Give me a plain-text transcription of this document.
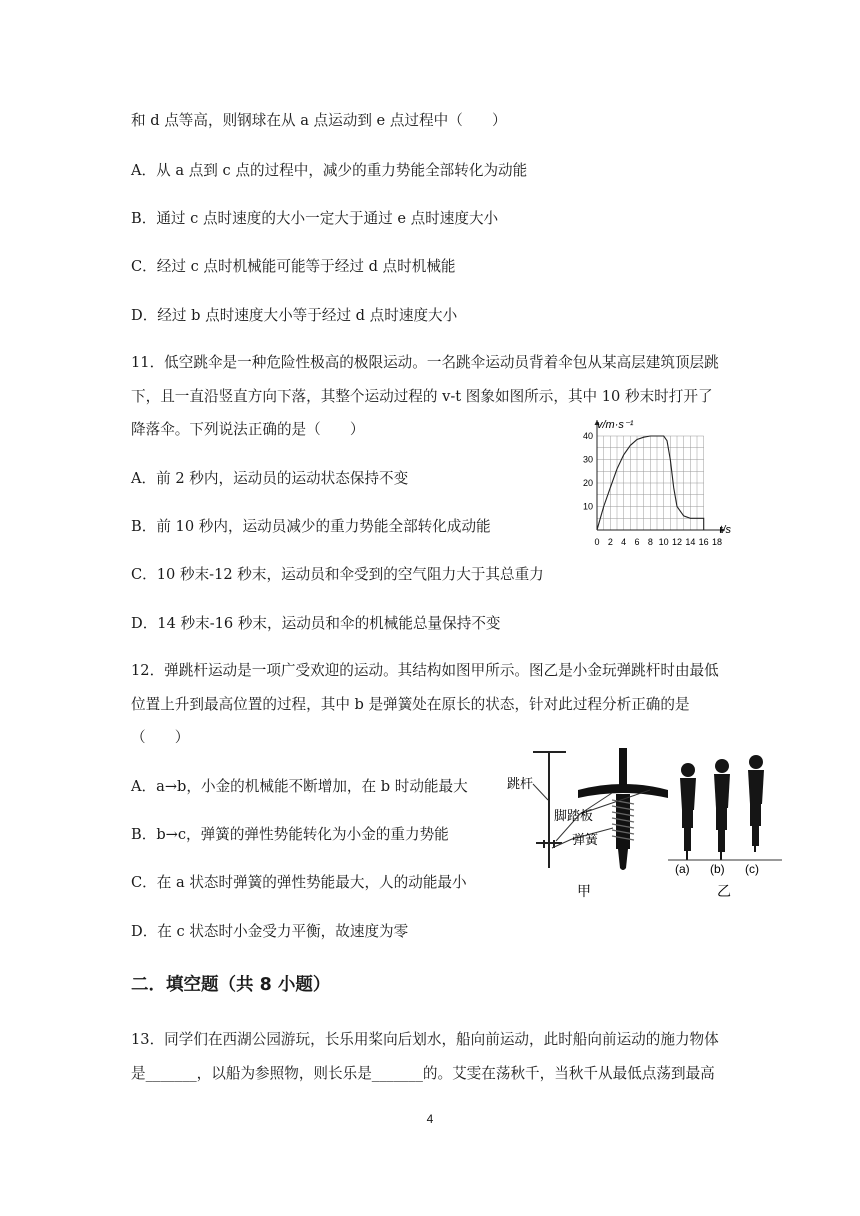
和 d 点等高，则钢球在从 a 点运动到 e 点过程中（　　）
A．从 a 点到 c 点的过程中，减少的重力势能全部转化为动能
B．通过 c 点时速度的大小一定大于通过 e 点时速度大小
C．经过 c 点时机械能可能等于经过 d 点时机械能
D．经过 b 点时速度大小等于经过 d 点时速度大小
11．低空跳伞是一种危险性极高的极限运动。一名跳伞运动员背着伞包从某高层建筑顶层跳
下，且一直沿竖直方向下落，其整个运动过程的 v-t 图象如图所示，其中 10 秒末时打开了
降落伞。下列说法正确的是（　　）
A．前 2 秒内，运动员的运动状态保持不变
B．前 10 秒内，运动员减少的重力势能全部转化成动能
C．10 秒末-12 秒末，运动员和伞受到的空气阻力大于其总重力
D．14 秒末-16 秒末，运动员和伞的机械能总量保持不变
0 2 4 6 8 10 12 14 16 18
10
20
30
40
v/m·s⁻¹
t/s
12．弹跳杆运动是一项广受欢迎的运动。其结构如图甲所示。图乙是小金玩弹跳杆时由最低
位置上升到最高位置的过程，其中 b 是弹簧处在原长的状态，针对此过程分析正确的是
（　　）
A．a→b，小金的机械能不断增加，在 b 时动能最大
B．b→c，弹簧的弹性势能转化为小金的重力势能
C．在 a 状态时弹簧的弹性势能最大，人的动能最小
D．在 c 状态时小金受力平衡，故速度为零
跳杆
脚踏板
弹簧
甲
(a) (b) (c)
乙
二．填空题（共 8 小题）
13．同学们在西湖公园游玩，长乐用桨向后划水，船向前运动，此时船向前运动的施力物体
是_______，以船为参照物，则长乐是_______的。艾雯在荡秋千，当秋千从最低点荡到最高
4
